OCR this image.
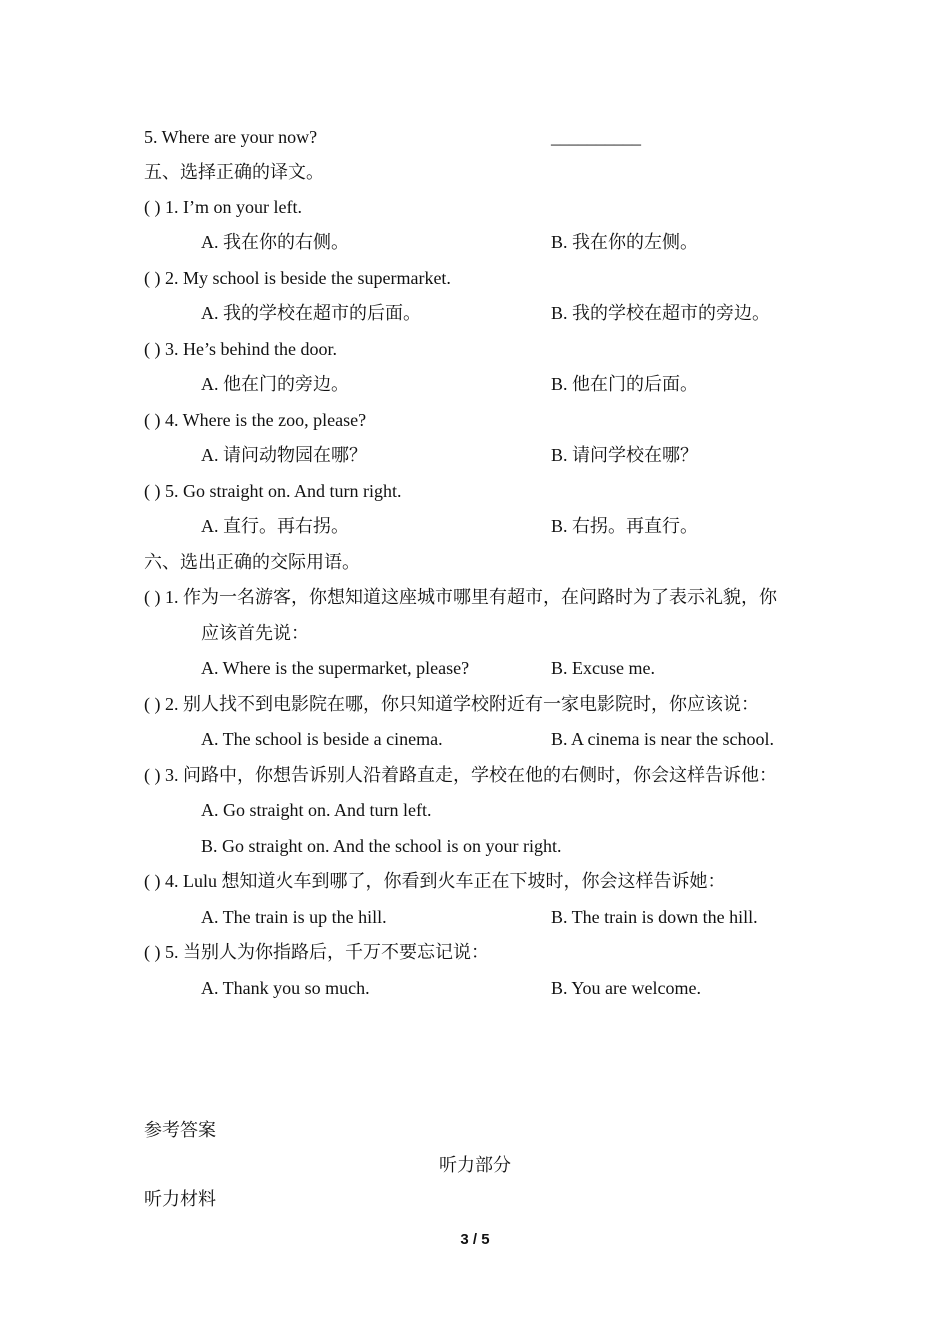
5. Where are your now?	__________
五、选择正确的译文。
( ) 1. I’m on your left.
A. 我在你的右侧。	B. 我在你的左侧。
( ) 2. My school is beside the supermarket.
A. 我的学校在超市的后面。	B. 我的学校在超市的旁边。
( ) 3. He’s behind the door.
A. 他在门的旁边。	B. 他在门的后面。
( ) 4. Where is the zoo, please?
A. 请问动物园在哪？	B. 请问学校在哪？
( ) 5. Go straight on. And turn right.
A. 直行。再右拐。	B. 右拐。再直行。
六、选出正确的交际用语。
( ) 1. 作为一名游客，你想知道这座城市哪里有超市，在问路时为了表示礼貌，你
应该首先说：
A. Where is the supermarket, please?	B. Excuse me.
( ) 2. 别人找不到电影院在哪，你只知道学校附近有一家电影院时，你应该说：
A. The school is beside a cinema.	B. A cinema is near the school.
( ) 3. 问路中，你想告诉别人沿着路直走，学校在他的右侧时，你会这样告诉他：
A. Go straight on. And turn left.
B. Go straight on. And the school is on your right.
( ) 4. Lulu 想知道火车到哪了，你看到火车正在下坡时，你会这样告诉她：
A. The train is up the hill.	B. The train is down the hill.
( ) 5. 当别人为你指路后，千万不要忘记说：
A. Thank you so much.	B. You are welcome.
参考答案
听力部分
听力材料
3 / 5
